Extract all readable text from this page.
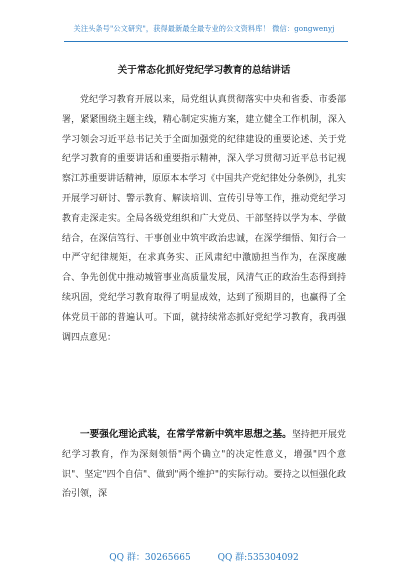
关注头条号"公文研究"，获得最新最全最专业的公文资料库！ 微信：gongwenyj
关于常态化抓好党纪学习教育的总结讲话

党纪学习教育开展以来，局党组认真贯彻落实中央和省委、市委部署，紧紧围绕主题主线，精心制定实施方案，建立健全工作机制，深入学习领会习近平总书记关于全面加强党的纪律建设的重要论述、关于党纪学习教育的重要讲话和重要指示精神，深入学习贯彻习近平总书记视察江苏重要讲话精神，原原本本学习《中国共产党纪律处分条例》，扎实开展学习研讨、警示教育、解读培训、宣传引导等工作，推动党纪学习教育走深走实。全局各级党组织和广大党员、干部坚持以学为本、学做结合，在深信笃行、干事创业中筑牢政治忠诚，在深学细悟、知行合一中严守纪律规矩，在求真务实、正风肃纪中激励担当作为，在深度融合、争先创优中推动城管事业高质量发展，风清气正的政治生态得到持续巩固，党纪学习教育取得了明显成效，达到了预期目的，也赢得了全体党员干部的普遍认可。下面，就持续常态抓好党纪学习教育，我再强调四点意见：

一要强化理论武装，在常学常新中筑牢思想之基。坚持把开展党纪学习教育，作为深刻领悟"两个确立"的决定性意义，增强"四个意识"、坚定"四个自信"、做到"两个维护"的实际行动。要持之以恒强化政治引领，深

QQ 群：30265665	QQ 群:535304092
